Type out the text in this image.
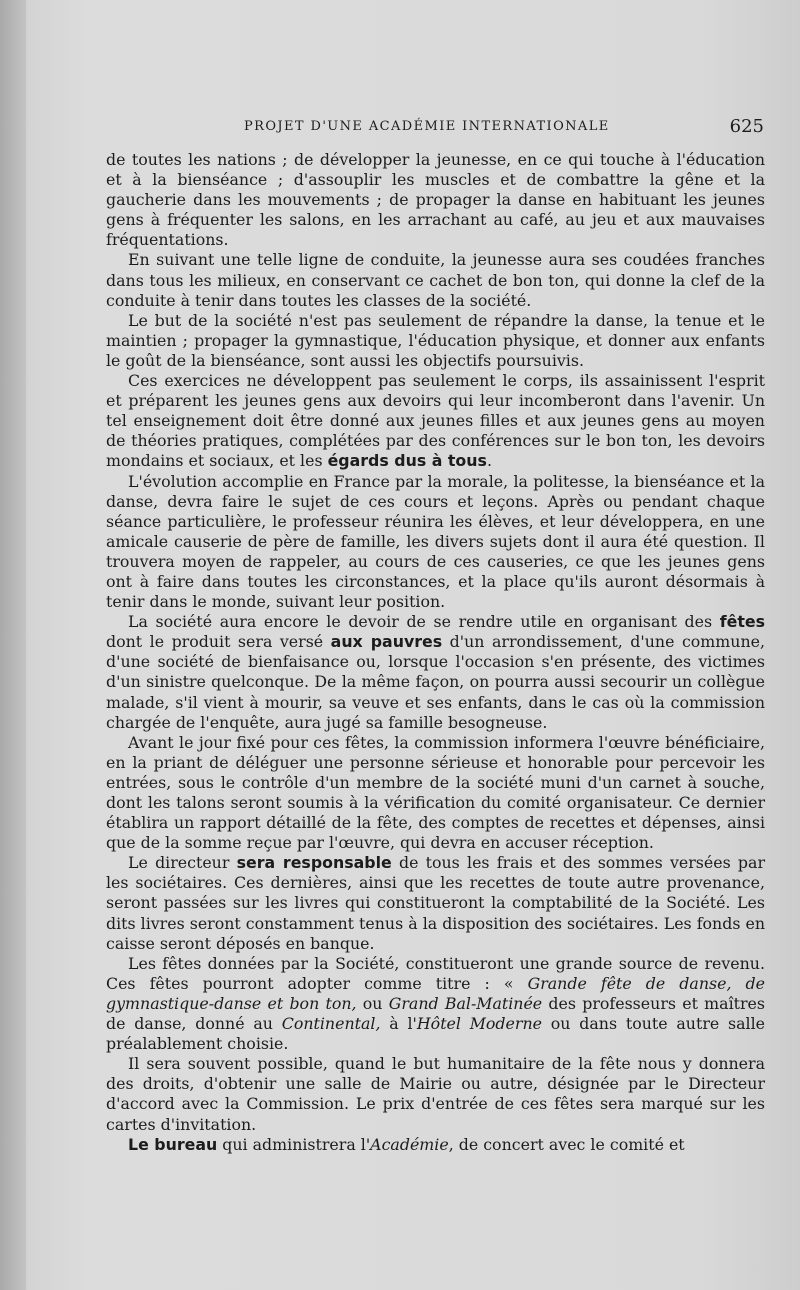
PROJET D'UNE ACADÉMIE INTERNATIONALE	625

de toutes les nations ; de développer la jeunesse, en ce qui touche à l'éducation et à la bienséance ; d'assouplir les muscles et de combattre la gêne et la gaucherie dans les mouvements ; de propager la danse en habituant les jeunes gens à fréquenter les salons, en les arrachant au café, au jeu et aux mauvaises fréquentations.

En suivant une telle ligne de conduite, la jeunesse aura ses coudées franches dans tous les milieux, en conservant ce cachet de bon ton, qui donne la clef de la conduite à tenir dans toutes les classes de la société.

Le but de la société n'est pas seulement de répandre la danse, la tenue et le maintien ; propager la gymnastique, l'éducation physique, et donner aux enfants le goût de la bienséance, sont aussi les objectifs poursuivis.

Ces exercices ne développent pas seulement le corps, ils assainissent l'esprit et préparent les jeunes gens aux devoirs qui leur incomberont dans l'avenir. Un tel enseignement doit être donné aux jeunes filles et aux jeunes gens au moyen de théories pratiques, complétées par des conférences sur le bon ton, les devoirs mondains et sociaux, et les égards dus à tous.

L'évolution accomplie en France par la morale, la politesse, la bienséance et la danse, devra faire le sujet de ces cours et leçons. Après ou pendant chaque séance particulière, le professeur réunira les élèves, et leur développera, en une amicale causerie de père de famille, les divers sujets dont il aura été question. Il trouvera moyen de rappeler, au cours de ces causeries, ce que les jeunes gens ont à faire dans toutes les circonstances, et la place qu'ils auront désormais à tenir dans le monde, suivant leur position.

La société aura encore le devoir de se rendre utile en organisant des fêtes dont le produit sera versé aux pauvres d'un arrondissement, d'une commune, d'une société de bienfaisance ou, lorsque l'occasion s'en présente, des victimes d'un sinistre quelconque. De la même façon, on pourra aussi secourir un collègue malade, s'il vient à mourir, sa veuve et ses enfants, dans le cas où la commission chargée de l'enquête, aura jugé sa famille besogneuse.

Avant le jour fixé pour ces fêtes, la commission informera l'œuvre bénéficiaire, en la priant de déléguer une personne sérieuse et honorable pour percevoir les entrées, sous le contrôle d'un membre de la société muni d'un carnet à souche, dont les talons seront soumis à la vérification du comité organisateur. Ce dernier établira un rapport détaillé de la fête, des comptes de recettes et dépenses, ainsi que de la somme reçue par l'œuvre, qui devra en accuser réception.

Le directeur sera responsable de tous les frais et des sommes versées par les sociétaires. Ces dernières, ainsi que les recettes de toute autre provenance, seront passées sur les livres qui constitueront la comptabilité de la Société. Les dits livres seront constamment tenus à la disposition des sociétaires. Les fonds en caisse seront déposés en banque.

Les fêtes données par la Société, constitueront une grande source de revenu. Ces fêtes pourront adopter comme titre : « Grande fête de danse, de gymnastique-danse et bon ton, ou Grand Bal-Matinée des professeurs et maîtres de danse, donné au Continental, à l'Hôtel Moderne ou dans toute autre salle préalablement choisie.

Il sera souvent possible, quand le but humanitaire de la fête nous y donnera des droits, d'obtenir une salle de Mairie ou autre, désignée par le Directeur d'accord avec la Commission. Le prix d'entrée de ces fêtes sera marqué sur les cartes d'invitation.

Le bureau qui administrera l'Académie, de concert avec le comité et
